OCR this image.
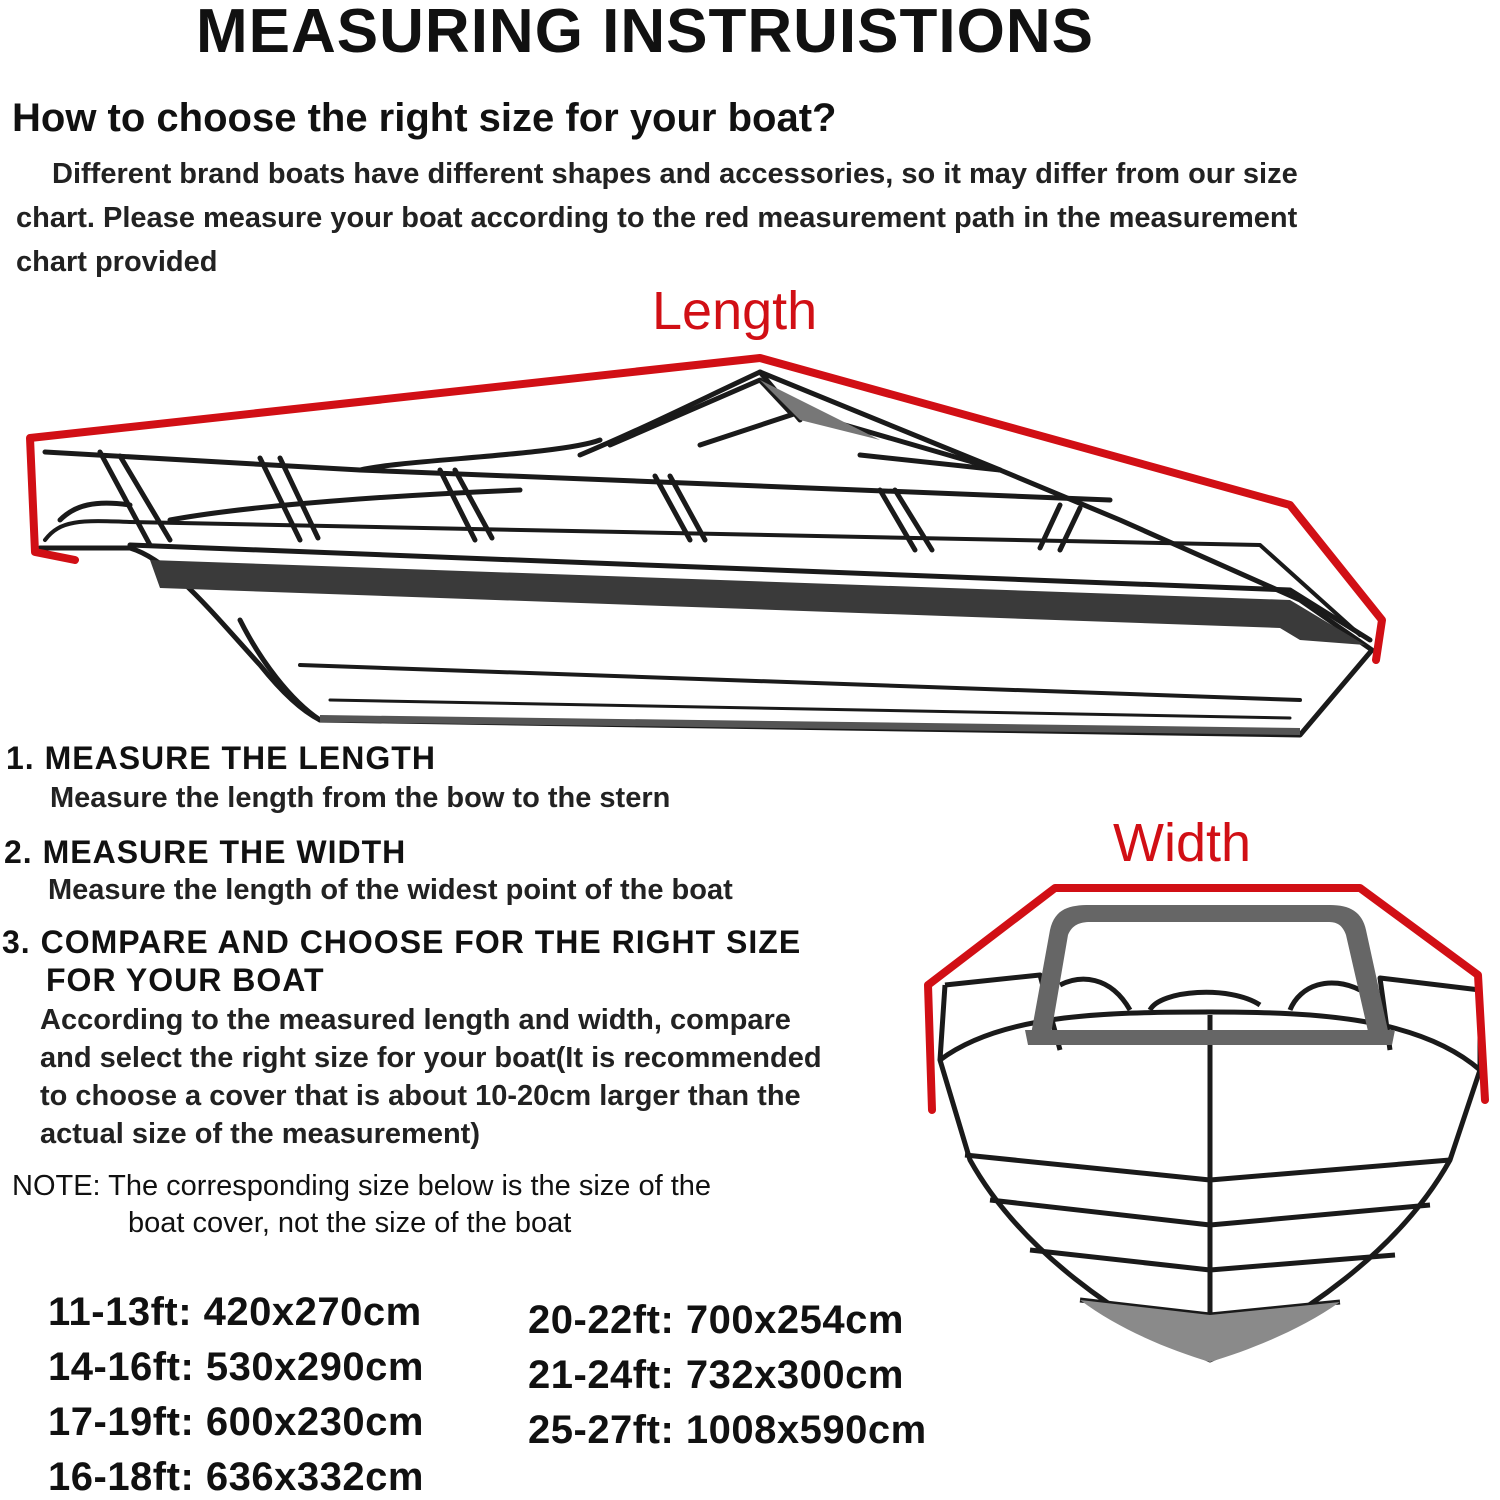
MEASURING INSTRUISTIONS
How to choose the right size for your boat?
Different brand boats have different shapes and accessories, so it may differ from our size
chart. Please measure your boat according to the red measurement path in the measurement
chart provided
Length
1. MEASURE THE LENGTH
Measure the length from the bow to the stern
2. MEASURE THE WIDTH
Measure the length of the widest point of the boat
3. COMPARE AND CHOOSE FOR THE RIGHT SIZE
FOR YOUR BOAT
According to the measured length and width, compare
and select the right size for your boat(It is recommended
to choose a cover that is about 10-20cm larger than the
actual size of the measurement)
NOTE: The corresponding size below is the size of the
boat cover, not the size of the boat
Width
11-13ft: 420x270cm
14-16ft: 530x290cm
17-19ft: 600x230cm
16-18ft: 636x332cm
20-22ft: 700x254cm
21-24ft: 732x300cm
25-27ft: 1008x590cm
